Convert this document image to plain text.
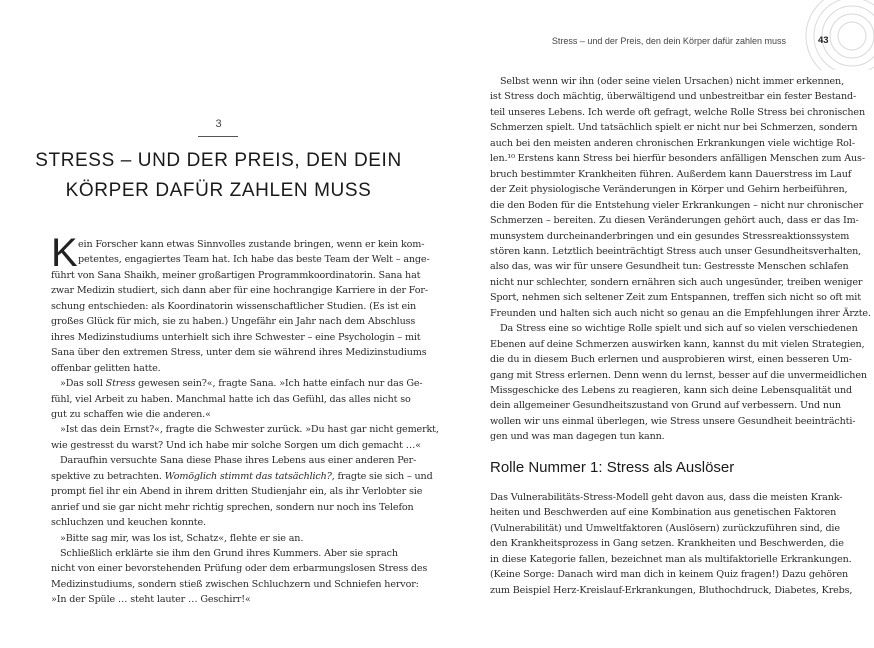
3
STRESS – UND DER PREIS, DEN DEIN
KÖRPER DAFÜR ZAHLEN MUSS
K ein Forscher kann etwas Sinnvolles zustande bringen, wenn er kein kom-
petentes, engagiertes Team hat. Ich habe das beste Team der Welt – ange-
führt von Sana Shaikh, meiner großartigen Programmkoordinatorin. Sana hat
zwar Medizin studiert, sich dann aber für eine hochrangige Karriere in der For-
schung entschieden: als Koordinatorin wissenschaftlicher Studien. (Es ist ein
großes Glück für mich, sie zu haben.) Ungefähr ein Jahr nach dem Abschluss
ihres Medizinstudiums unterhielt sich ihre Schwester – eine Psychologin – mit
Sana über den extremen Stress, unter dem sie während ihres Medizinstudiums
offenbar gelitten hatte.
»Das soll Stress gewesen sein?«, fragte Sana. »Ich hatte einfach nur das Ge-
fühl, viel Arbeit zu haben. Manchmal hatte ich das Gefühl, das alles nicht so
gut zu schaffen wie die anderen.«
»Ist das dein Ernst?«, fragte die Schwester zurück. »Du hast gar nicht gemerkt,
wie gestresst du warst? Und ich habe mir solche Sorgen um dich gemacht …«
Daraufhin versuchte Sana diese Phase ihres Lebens aus einer anderen Per-
spektive zu betrachten. Womöglich stimmt das tatsächlich?, fragte sie sich – und
prompt fiel ihr ein Abend in ihrem dritten Studienjahr ein, als ihr Verlobter sie
anrief und sie gar nicht mehr richtig sprechen, sondern nur noch ins Telefon
schluchzen und keuchen konnte.
»Bitte sag mir, was los ist, Schatz«, flehte er sie an.
Schließlich erklärte sie ihm den Grund ihres Kummers. Aber sie sprach
nicht von einer bevorstehenden Prüfung oder dem erbarmungslosen Stress des
Medizinstudiums, sondern stieß zwischen Schluchzern und Schniefen hervor:
»In der Spüle … steht lauter … Geschirr!«
Stress – und der Preis, den dein Körper dafür zahlen muss	43
Selbst wenn wir ihn (oder seine vielen Ursachen) nicht immer erkennen,
ist Stress doch mächtig, überwältigend und unbestreitbar ein fester Bestand-
teil unseres Lebens. Ich werde oft gefragt, welche Rolle Stress bei chronischen
Schmerzen spielt. Und tatsächlich spielt er nicht nur bei Schmerzen, sondern
auch bei den meisten anderen chronischen Erkrankungen viele wichtige Rol-
len.¹⁰ Erstens kann Stress bei hierfür besonders anfälligen Menschen zum Aus-
bruch bestimmter Krankheiten führen. Außerdem kann Dauerstress im Lauf
der Zeit physiologische Veränderungen in Körper und Gehirn herbeiführen,
die den Boden für die Entstehung vieler Erkrankungen – nicht nur chronischer
Schmerzen – bereiten. Zu diesen Veränderungen gehört auch, dass er das Im-
munsystem durcheinanderbringen und ein gesundes Stressreaktionssystem
stören kann. Letztlich beeinträchtigt Stress auch unser Gesundheitsverhalten,
also das, was wir für unsere Gesundheit tun: Gestresste Menschen schlafen
nicht nur schlechter, sondern ernähren sich auch ungesünder, treiben weniger
Sport, nehmen sich seltener Zeit zum Entspannen, treffen sich nicht so oft mit
Freunden und halten sich auch nicht so genau an die Empfehlungen ihrer Ärzte.
Da Stress eine so wichtige Rolle spielt und sich auf so vielen verschiedenen
Ebenen auf deine Schmerzen auswirken kann, kannst du mit vielen Strategien,
die du in diesem Buch erlernen und ausprobieren wirst, einen besseren Um-
gang mit Stress erlernen. Denn wenn du lernst, besser auf die unvermeidlichen
Missgeschicke des Lebens zu reagieren, kann sich deine Lebensqualität und
dein allgemeiner Gesundheitszustand von Grund auf verbessern. Und nun
wollen wir uns einmal überlegen, wie Stress unsere Gesundheit beeinträchti-
gen und was man dagegen tun kann.
Rolle Nummer 1: Stress als Auslöser
Das Vulnerabilitäts-Stress-Modell geht davon aus, dass die meisten Krank-
heiten und Beschwerden auf eine Kombination aus genetischen Faktoren
(Vulnerabilität) und Umweltfaktoren (Auslösern) zurückzuführen sind, die
den Krankheitsprozess in Gang setzen. Krankheiten und Beschwerden, die
in diese Kategorie fallen, bezeichnet man als multifaktorielle Erkrankungen.
(Keine Sorge: Danach wird man dich in keinem Quiz fragen!) Dazu gehören
zum Beispiel Herz-Kreislauf-Erkrankungen, Bluthochdruck, Diabetes, Krebs,
